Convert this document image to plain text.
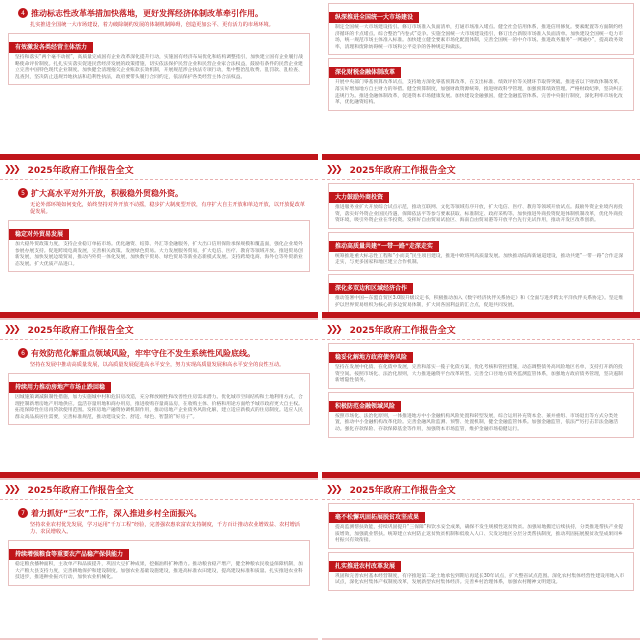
4 推动标志性改革举措加快落地，更好发挥经济体制改革牵引作用。

扎实推进全国统一大市场建设，着力破除制约发展的体制机制障碍，创造更加公平、更有活力的市场环境。

有效激发各类经营主体活力

坚持和落实“两个毫不动摇”，高质量完成国有企业改革深化提升行动，实施国有经济布局优化和结构调整指引，加快建立国有企业履行战略使命评价制度。扎扎实实落实促进民营经济发展的政策措施，切实依法保护民营企业和民营企业家合法权益，鼓励有条件的民营企业建立完善中国特色现代企业制度。加快健全清理拖欠企业账款长效机制，开展规范涉企执法专项行动，集中整治乱收费、乱罚款、乱检查、乱查封，坚决防止违规异地执法和趋利性执法，政府要带头履行合同约定，依法保护各类经营主体合法权益。

纵深推进全国统一大市场建设

制定全国统一大市场建设指引。修订市场准入负面清单，打通市场准入堵点。健全社会信用体系，推进信用修复。要素配置等方面制约经济循环的卡点堵点。综合整治“内卷式”竞争。实施全国统一大市场建设指引，修订出台新版市场准入负面清单。加快建设全国统一电力市场，统一规范市场主体准入标准。加快建立健全要素市场化配置体制，完善全国统一的中介市场。推进政务服务“一网通办”，提高政务效率，清理和废除妨碍统一市场和公平竞争的各种规定和做法。

深化财税金融体制改革

开展中央部门零基预算改革试点，支持地方深化零基预算改革，在支出标准、绩效评价等关键环节取得突破。推进省以下财政体制改革，落实好增加地方自主财力的举措。健全预算制度，加强财政资源统筹，推进财政科学管理，加强预算绩效管理。严格财政纪律，坚决纠正违规行为。推进金融体制改革，促进资本市场健康发展。加快建设金融强国，健全金融监管体系。完善中央银行制度，深化利率市场化改革，优化融资结构。

❯❯❯ 2025年政府工作报告全文
5 扩大高水平对外开放，积极稳外贸稳外资。

无论外部环境如何变化，始终坚持对外开放不动摇，稳步扩大制度型开放，有序扩大自主开放和单边开放，以开放促改革促发展。

稳定对外贸易发展

加大稳外贸政策力度，支持企业稳订单拓市场。优化融资、结算、外汇等金融服务，扩大出口信用保险承保规模和覆盖面，强化企业境外参展办展支持。促进跨境电商发展，完善相关政策。发展绿色贸易。大力发展服务贸易，扩大电信、医疗、教育等领域开放。推进贸易创新发展，加快发展边境贸易，推动内外贸一体化发展，加快数字贸易、绿色贸易等新业态新模式发展。支持跨境电商、海外仓等外贸新业态发展。扩大优质产品进口。

❯❯❯ 2025年政府工作报告全文
大力鼓励外商投资

推进服务业扩大开放综合试点示范，推动互联网、文化等领域有序开放，扩大电信、医疗、教育等领域开放试点。鼓励外资企业境内再投资，落实好外资企业国民待遇，保障依法平等参与要素获取、标准制定、政府采购等。加快推进外商投资促进体制机制改革，优化外商投资环境，吸引外资企业在华投资。发挥好自由贸易试验区、海南自由贸易港等开放平台先行先试作用，推动开发区改革创新。

推动高质量共建“一带一路”走深走实

统筹推进重大标志性工程和“小而美”民生项目建设，推进中欧班列高质量发展。加快推动陆海新通道建设，推动共建“一带一路”合作走深走实，与更多国家和地区建立合作机制。

深化多双边和区域经济合作

推动签署中国—东盟自贸区3.0版升级议定书，积极推动加入《数字经济伙伴关系协定》和《全面与进步跨太平洋伙伴关系协定》。坚定维护以世界贸易组织为核心的多边贸易体制，扩大同各国利益的汇合点，促进共同发展。

❯❯❯ 2025年政府工作报告全文
6 有效防范化解重点领域风险，牢牢守住不发生系统性风险底线。

坚持在发展中推动高质量发展，以高质量发展促进高水平安全，努力实现高质量发展和高水平安全的良性互动。

持续用力推动房地产市场止跌回稳

因城施策调减限制性措施，加力实施城中村和危旧房改造，充分释放刚性和改善性住房需求潜力。优化城市空间结构和土地利用方式，合理控制新增房地产用地供应。盘活存量用地和商办用房，推进收购存量商品房，在收购主体、价格和用途方面给予城市政府更大自主权。拓宽保障性住房再贷款使用范围。发挥房地产融资协调机制作用，推动房地产企业债务风险化解，建立适应新模式的住房制度。适应人民群众高品质居住需要，完善标准规范，推动建设安全、舒适、绿色、智慧的“好房子”。

❯❯❯ 2025年政府工作报告全文
稳妥化解地方政府债务风险

坚持在发展中化债、在化债中发展，完善和落实一揽子化债方案，优化考核和管控措施，动态调整债务高风险地区名单，支持打开新的投资空间。按照市场化、法治化原则，大力推进融资平台改革转型。完善全口径地方债务监测监管体系，加强地方政府债务管理，坚决遏制新增隐性债务。

积极防范金融领域风险

按照市场化、法治化原则，一体推进地方中小金融机构风险处置和转型发展，综合运用补充资本金、兼并重组、市场退出等方式分类处置，推动中小金融机构改革化险。完善金融风险监测、预警、处置机制，健全金融监管体系。加强金融监管，依法严厉打击非法金融活动。强化存款保险、存款保障基金等作用，加强资本市场监管，维护金融市场稳健运行。

❯❯❯ 2025年政府工作报告全文
7 着力抓好“三农”工作，深入推进乡村全面振兴。

坚持农业农村优先发展，学习运用“千万工程”经验，完善强农惠农富农支持制度，千方百计推动农业增效益、农村增活力、农民增收入。

持续增强粮食等重要农产品稳产保供能力

稳定粮食播种面积，主攻单产和品质提升，巩固大豆扩种成果，挖掘油料扩种潜力。推动粮食稳产增产，健全种粮农民收益保障机制，加大产粮大县支持力度，完善耕地保护和建设制度。加强农业基础设施建设，推进高标准农田建设，提高建设标准和质量。扎实推进农业科技进步，推进种业振兴行动，加快农业机械化。

❯❯❯ 2025年政府工作报告全文
毫不松懈巩固拓展脱贫攻坚成果

提高监测帮扶效能，持续巩固提升“三保障”和饮水安全成果，确保不发生规模性返贫致贫。加强易地搬迁后续扶持，分类推进帮扶产业提质增效，加强就业帮扶。统筹建立农村防止返贫致贫机制和低收入人口、欠发达地区分层分类帮扶制度，推动巩固拓展脱贫攻坚成果同乡村振兴有效衔接。

扎实推进农村改革发展

巩固和完善农村基本经营制度，有序推进第二轮土地承包到期后再延长30年试点，扩大整省试点范围。深化农村集体经营性建设用地入市试点，深化农村集体产权制度改革，发展新型农村集体经济。完善乡村治理体系，加强农村精神文明建设。
